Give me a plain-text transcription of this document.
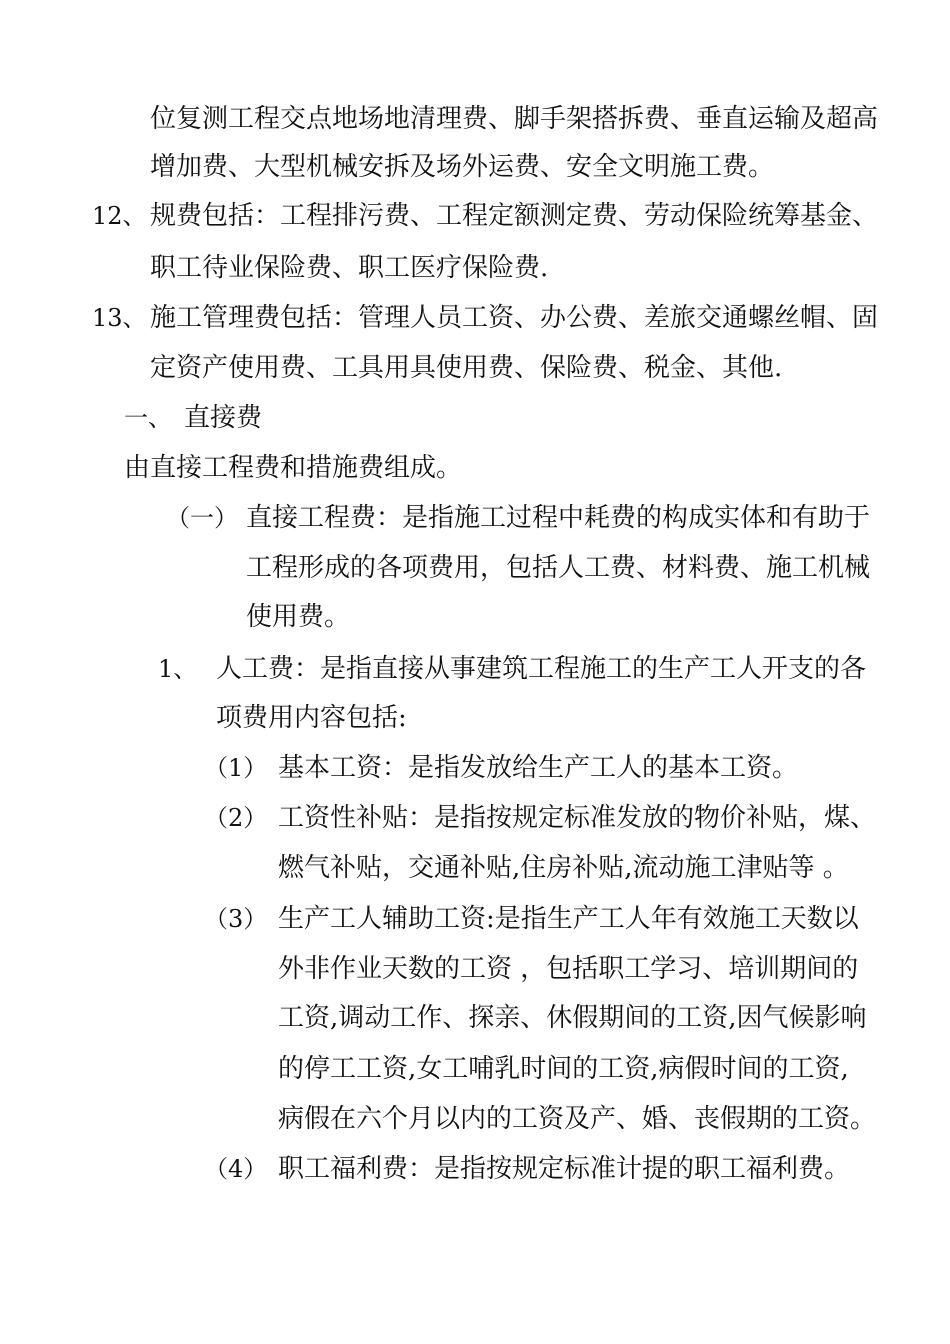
12、
13、
一、
（一）
1、
（1）
（2）
（3）
（4）
位复测工程交点地场地清理费、脚手架搭拆费、垂直运输及超高
增加费、大型机械安拆及场外运费、安全文明施工费。
规费包括：工程排污费、工程定额测定费、劳动保险统筹基金、
职工待业保险费、职工医疗保险费.
施工管理费包括：管理人员工资、办公费、差旅交通螺丝帽、固
定资产使用费、工具用具使用费、保险费、税金、其他.
直接费
由直接工程费和措施费组成。
直接工程费：是指施工过程中耗费的构成实体和有助于
工程形成的各项费用，包括人工费、材料费、施工机械
使用费。
人工费：是指直接从事建筑工程施工的生产工人开支的各
项费用内容包括:
基本工资：是指发放给生产工人的基本工资。
工资性补贴：是指按规定标准发放的物价补贴，煤、
燃气补贴，交通补贴,住房补贴,流动施工津贴等 。
生产工人辅助工资:是指生产工人年有效施工天数以
外非作业天数的工资 ，包括职工学习、培训期间的
工资,调动工作、探亲、休假期间的工资,因气候影响
的停工工资,女工哺乳时间的工资,病假时间的工资,
病假在六个月以内的工资及产、婚、丧假期的工资。
职工福利费：是指按规定标准计提的职工福利费。
